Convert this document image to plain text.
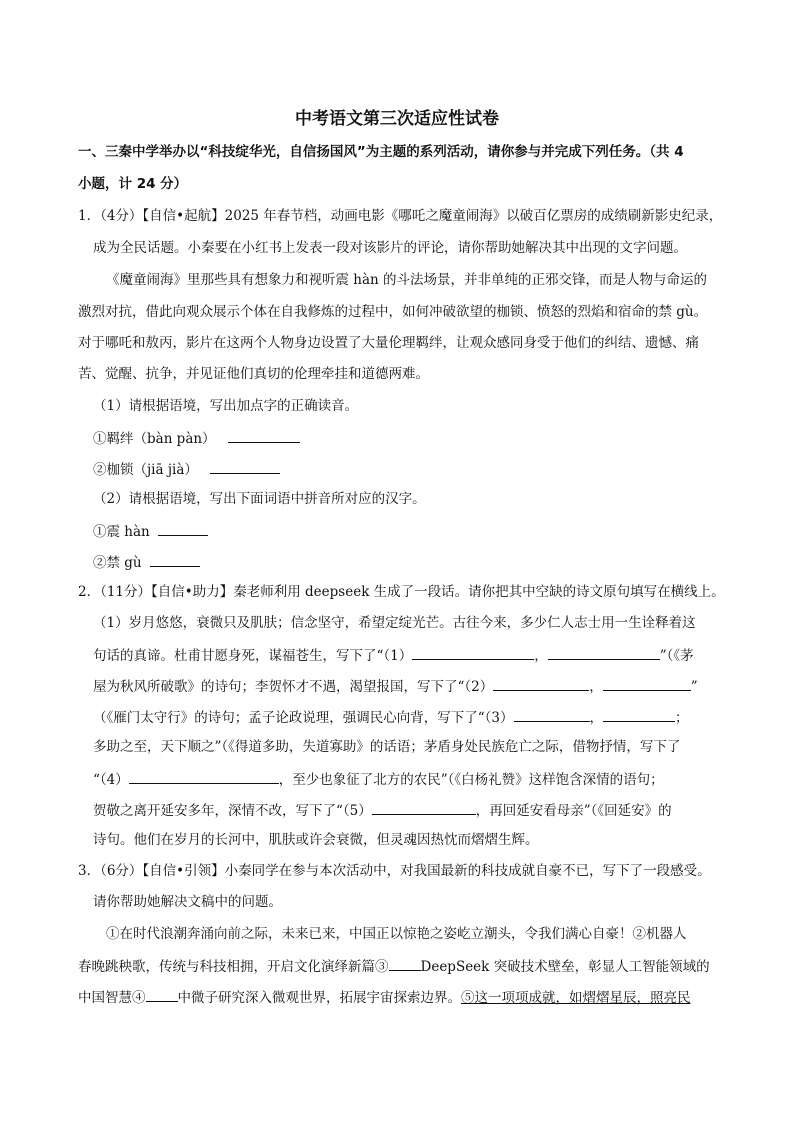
中考语文第三次适应性试卷
一、三秦中学举办以“科技绽华光，自信扬国风”为主题的系列活动，请你参与并完成下列任务。（共 4
小题，计 24 分）
1．（4分）【自信•起航】2025 年春节档，动画电影《哪吒之魔童闹海》以破百亿票房的成绩刷新影史纪录，
成为全民话题。小秦要在小红书上发表一段对该影片的评论，请你帮助她解决其中出现的文字问题。
《魔童闹海》里那些具有想象力和视听震 hàn 的斗法场景，并非单纯的正邪交锋，而是人物与命运的
激烈对抗，借此向观众展示个体在自我修炼的过程中，如何冲破欲望的枷锁、愤怒的烈焰和宿命的禁 gù。
对于哪吒和敖丙，影片在这两个人物身边设置了大量伦理羁绊，让观众感同身受于他们的纠结、遗憾、痛
苦、觉醒、抗争，并见证他们真切的伦理牵挂和道德两难。
（1）请根据语境，写出加点字的正确读音。
①羁绊（bàn pàn）
②枷锁（jiā jià）
（2）请根据语境，写出下面词语中拼音所对应的汉字。
①震 hàn
②禁 gù
2．（11分）【自信•助力】秦老师利用 deepseek 生成了一段话。请你把其中空缺的诗文原句填写在横线上。
（1）岁月悠悠，衰微只及肌肤；信念坚守，希望定绽光芒。古往今来，多少仁人志士用一生诠释着这
句话的真谛。杜甫甘愿身死，谋福苍生，写下了“（1）	，	”（《茅
屋为秋风所破歌》的诗句；李贺怀才不遇，渴望报国，写下了“（2）	，	”
（《雁门太守行》的诗句；孟子论政说理，强调民心向背，写下了“（3）	，	；
多助之至，天下顺之”（《得道多助，失道寡助》的话语；茅盾身处民族危亡之际，借物抒情，写下了
“（4）	，至少也象征了北方的农民”（《白杨礼赞》这样饱含深情的语句；
贺敬之离开延安多年，深情不改，写下了“（5）	，再回延安看母亲”（《回延安》的
诗句。他们在岁月的长河中，肌肤或许会衰微，但灵魂因热忱而熠熠生辉。
3．（6分）【自信•引领】小秦同学在参与本次活动中，对我国最新的科技成就自豪不已，写下了一段感受。
请你帮助她解决文稿中的问题。
①在时代浪潮奔涌向前之际，未来已来，中国正以惊艳之姿屹立潮头，令我们满心自豪！②机器人
春晚跳秧歌，传统与科技相拥，开启文化演绎新篇③ DeepSeek 突破技术壁垒，彰显人工智能领域的
中国智慧④ 中微子研究深入微观世界，拓展宇宙探索边界。⑤这一项项成就，如熠熠星辰，照亮民
